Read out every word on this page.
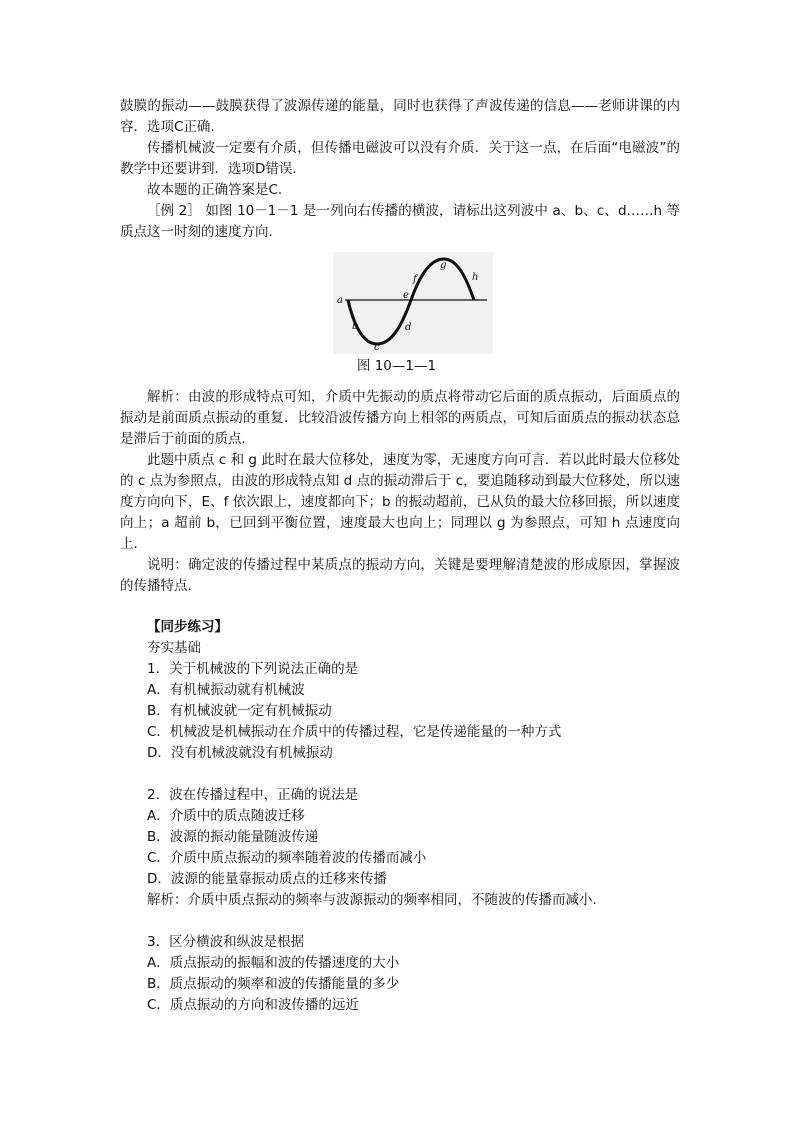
鼓膜的振动——鼓膜获得了波源传递的能量，同时也获得了声波传递的信息——老师讲课的内容．选项C正确．

传播机械波一定要有介质，但传播电磁波可以没有介质．关于这一点，在后面“电磁波”的教学中还要讲到．选项D错误．

故本题的正确答案是C．

［例 2］ 如图 10－1－1 是一列向右传播的横波，请标出这列波中 a、b、c、d……h 等质点这一时刻的速度方向．

a
b
c
d
e
f
g
h
图 10—1—1

解析：由波的形成特点可知，介质中先振动的质点将带动它后面的质点振动，后面质点的振动是前面质点振动的重复．比较沿波传播方向上相邻的两质点，可知后面质点的振动状态总是滞后于前面的质点．

此题中质点 c 和 g 此时在最大位移处，速度为零，无速度方向可言．若以此时最大位移处的 c 点为参照点，由波的形成特点知 d 点的振动滞后于 c，要追随移动到最大位移处，所以速度方向向下，E、f 依次跟上，速度都向下；b 的振动超前，已从负的最大位移回振，所以速度向上；a 超前 b，已回到平衡位置，速度最大也向上；同理以 g 为参照点，可知 h 点速度向上．

说明：确定波的传播过程中某质点的振动方向，关键是要理解清楚波的形成原因，掌握波的传播特点．

【同步练习】

夯实基础

1．关于机械波的下列说法正确的是

A．有机械振动就有机械波

B．有机械波就一定有机械振动

C．机械波是机械振动在介质中的传播过程，它是传递能量的一种方式

D．没有机械波就没有机械振动

2．波在传播过程中，正确的说法是

A．介质中的质点随波迁移

B．波源的振动能量随波传递

C．介质中质点振动的频率随着波的传播而减小

D．波源的能量靠振动质点的迁移来传播

解析：介质中质点振动的频率与波源振动的频率相同，不随波的传播而减小．

3．区分横波和纵波是根据

A．质点振动的振幅和波的传播速度的大小

B．质点振动的频率和波的传播能量的多少

C．质点振动的方向和波传播的远近
